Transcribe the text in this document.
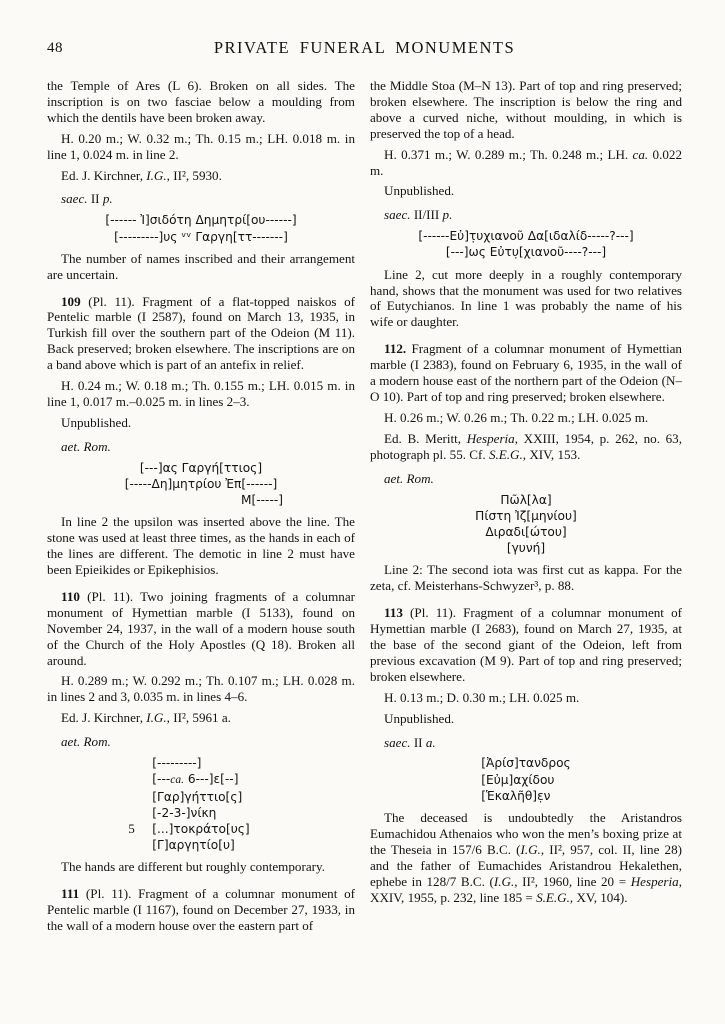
48	PRIVATE FUNERAL MONUMENTS
the Temple of Ares (L 6). Broken on all sides. The inscription is on two fasciae below a moulding from which the dentils have been broken away.
H. 0.20 m.; W. 0.32 m.; Th. 0.15 m.; LH. 0.018 m. in line 1, 0.024 m. in line 2.
Ed. J. Kirchner, I.G., II², 5930.
saec. II p.
[------ Ἰ]σιδότη Δημητρί[ου------]
[---------]υς ᵛᵛ Γαργη[ττ-------]
The number of names inscribed and their arrangement are uncertain.
109 (Pl. 11). Fragment of a flat-topped naiskos of Pentelic marble (I 2587), found on March 13, 1935, in Turkish fill over the southern part of the Odeion (M 11). Back preserved; broken elsewhere. The inscriptions are on a band above which is part of an antefix in relief.
H. 0.24 m.; W. 0.18 m.; Th. 0.155 m.; LH. 0.015 m. in line 1, 0.017 m.–0.025 m. in lines 2–3.
Unpublished.
aet. Rom.
[---]ας Γαργή[ττιος]
[-----Δη]μητρίου Ἐπ[------]
Μ[-----]
In line 2 the upsilon was inserted above the line. The stone was used at least three times, as the hands in each of the lines are different. The demotic in line 2 must have been Epieikides or Epikephisios.
110 (Pl. 11). Two joining fragments of a columnar monument of Hymettian marble (I 5133), found on November 24, 1937, in the wall of a modern house south of the Church of the Holy Apostles (Q 18). Broken all around.
H. 0.289 m.; W. 0.292 m.; Th. 0.107 m.; LH. 0.028 m. in lines 2 and 3, 0.035 m. in lines 4–6.
Ed. J. Kirchner, I.G., II², 5961 a.
aet. Rom.
[---------]
[---ca. 6---]ε[--]
[Γαρ]γήττιο[ς]
[-2-3-]νίκη
5 [...]τοκράτο[υς]
[Γ]αργητίο[υ]
The hands are different but roughly contemporary.
111 (Pl. 11). Fragment of a columnar monument of Pentelic marble (I 1167), found on December 27, 1933, in the wall of a modern house over the eastern part of
the Middle Stoa (M–N 13). Part of top and ring preserved; broken elsewhere. The inscription is below the ring and above a curved niche, without moulding, in which is preserved the top of a head.
H. 0.371 m.; W. 0.289 m.; Th. 0.248 m.; LH. ca. 0.022 m.
Unpublished.
saec. II/III p.
[------Εὐ]τ̣υχιανοῦ Δα[ιδαλίδ-----?---]
[---]ως Εὐτυ̣[χιανοῦ----?---]
Line 2, cut more deeply in a roughly contemporary hand, shows that the monument was used for two relatives of Eutychianos. In line 1 was probably the name of his wife or daughter.
112. Fragment of a columnar monument of Hymettian marble (I 2383), found on February 6, 1935, in the wall of a modern house east of the northern part of the Odeion (N–O 10). Part of top and ring preserved; broken elsewhere.
H. 0.26 m.; W. 0.26 m.; Th. 0.22 m.; LH. 0.025 m.
Ed. B. Meritt, Hesperia, XXIII, 1954, p. 262, no. 63, photograph pl. 55. Cf. S.E.G., XIV, 153.
aet. Rom.
Πῶλ[λα]
Πίστη Ἰζ[μηνίου]
Διραδι[ώτου]
[γυνή]
Line 2: The second iota was first cut as kappa. For the zeta, cf. Meisterhans-Schwyzer³, p. 88.
113 (Pl. 11). Fragment of a columnar monument of Hymettian marble (I 2683), found on March 27, 1935, at the base of the second giant of the Odeion, left from previous excavation (M 9). Part of top and ring preserved; broken elsewhere.
H. 0.13 m.; D. 0.30 m.; LH. 0.025 m.
Unpublished.
saec. II a.
[Ἀρίσ]τανδρος
[Εὐμ]αχίδου
[Ἑκαλῆθ]ε̣ν
The deceased is undoubtedly the Aristandros Eumachidou Athenaios who won the men’s boxing prize at the Theseia in 157/6 B.C. (I.G., II², 957, col. II, line 28) and the father of Eumachides Aristandrou Hekalethen, ephebe in 128/7 B.C. (I.G., II², 1960, line 20 = Hesperia, XXIV, 1955, p. 232, line 185 = S.E.G., XV, 104).
